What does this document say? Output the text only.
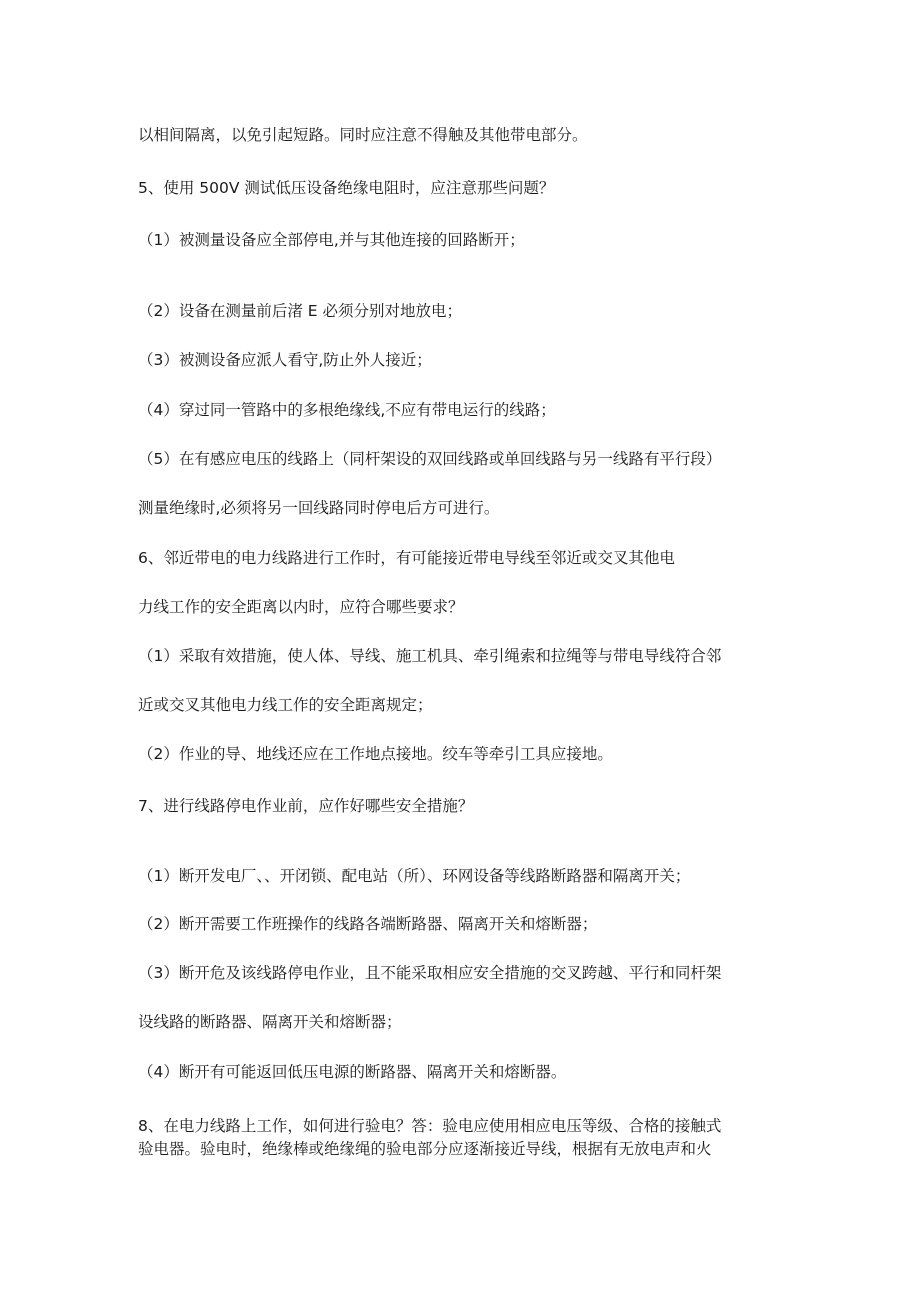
以相间隔离，以免引起短路。同时应注意不得触及其他带电部分。
5、使用 500V 测试低压设备绝缘电阻时，应注意那些问题？
（1）被测量设备应全部停电,并与其他连接的回路断开；
（2）设备在测量前后渚 E 必须分别对地放电；
（3）被测设备应派人看守,防止外人接近；
（4）穿过同一管路中的多根绝缘线,不应有带电运行的线路；
（5）在有感应电压的线路上（同杆架设的双回线路或单回线路与另一线路有平行段）
测量绝缘时,必须将另一回线路同时停电后方可进行。
6、邻近带电的电力线路进行工作时，有可能接近带电导线至邻近或交叉其他电
力线工作的安全距离以内时，应符合哪些要求？
（1）采取有效措施，使人体、导线、施工机具、牵引绳索和拉绳等与带电导线符合邻
近或交叉其他电力线工作的安全距离规定；
（2）作业的导、地线还应在工作地点接地。绞车等牵引工具应接地。
7、进行线路停电作业前，应作好哪些安全措施？
（1）断开发电厂、、开闭锁、配电站（所）、环网设备等线路断路器和隔离开关；
（2）断开需要工作班操作的线路各端断路器、隔离开关和熔断器；
（3）断开危及该线路停电作业，且不能采取相应安全措施的交叉跨越、平行和同杆架
设线路的断路器、隔离开关和熔断器；
（4）断开有可能返回低压电源的断路器、隔离开关和熔断器。
8、在电力线路上工作，如何进行验电？答：验电应使用相应电压等级、合格的接触式
验电器。验电时，绝缘棒或绝缘绳的验电部分应逐渐接近导线，根据有无放电声和火
